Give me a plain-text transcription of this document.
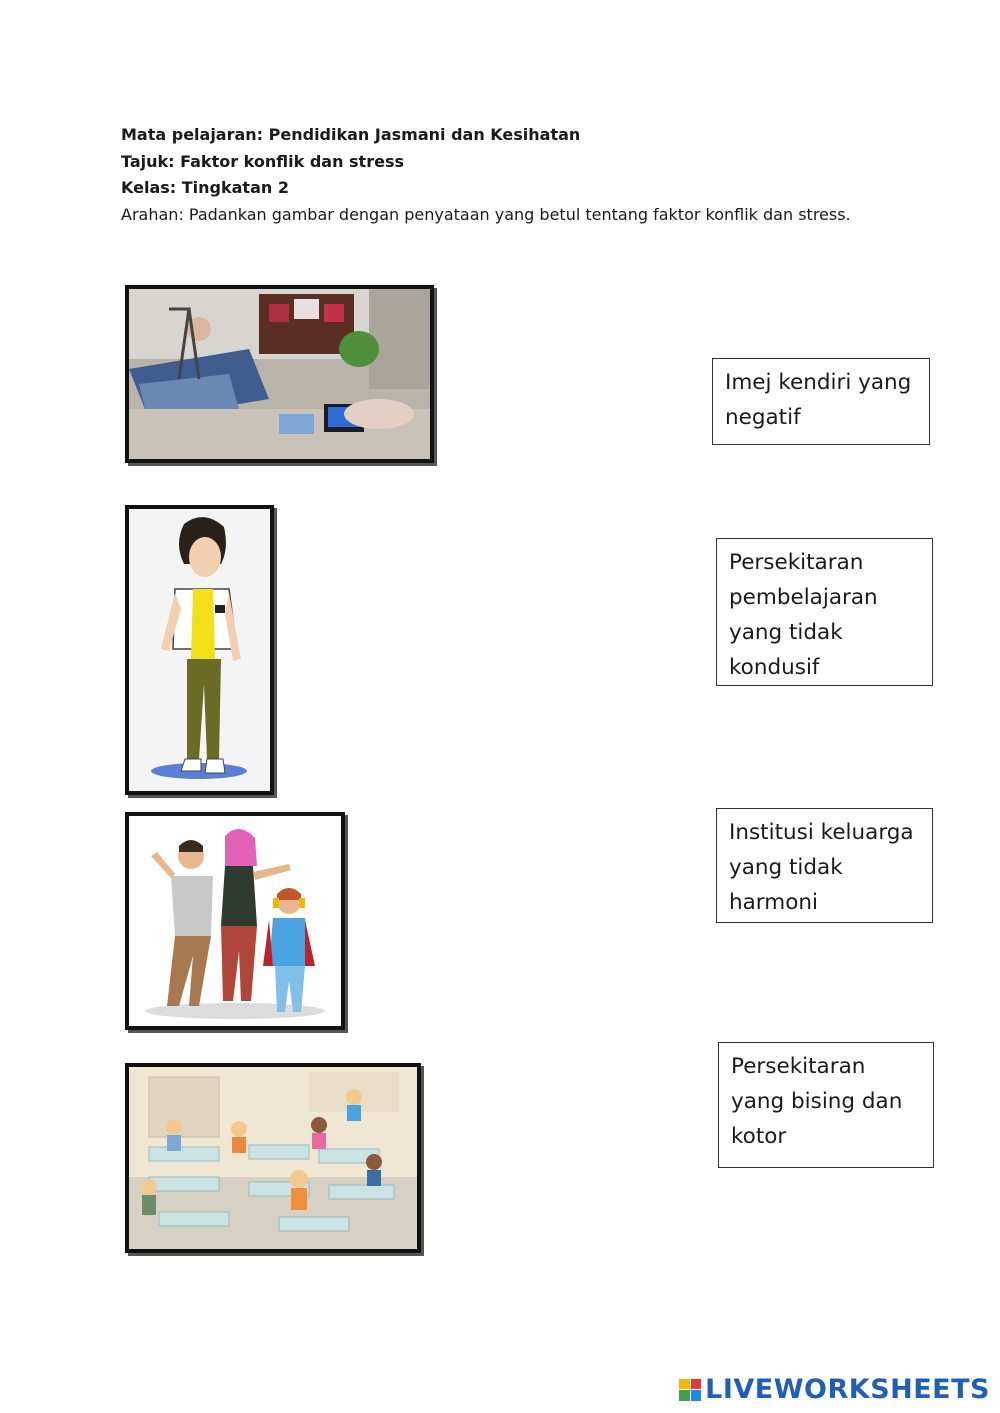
Mata pelajaran: Pendidikan Jasmani dan Kesihatan
Tajuk: Faktor konflik dan stress
Kelas: Tingkatan 2
Arahan: Padankan gambar dengan penyataan yang betul tentang faktor konflik dan stress.
Imej kendiri yang
negatif
Persekitaran
pembelajaran
yang tidak
kondusif
Institusi keluarga
yang tidak
harmoni
Persekitaran
yang bising dan
kotor
LIVEWORKSHEETS
